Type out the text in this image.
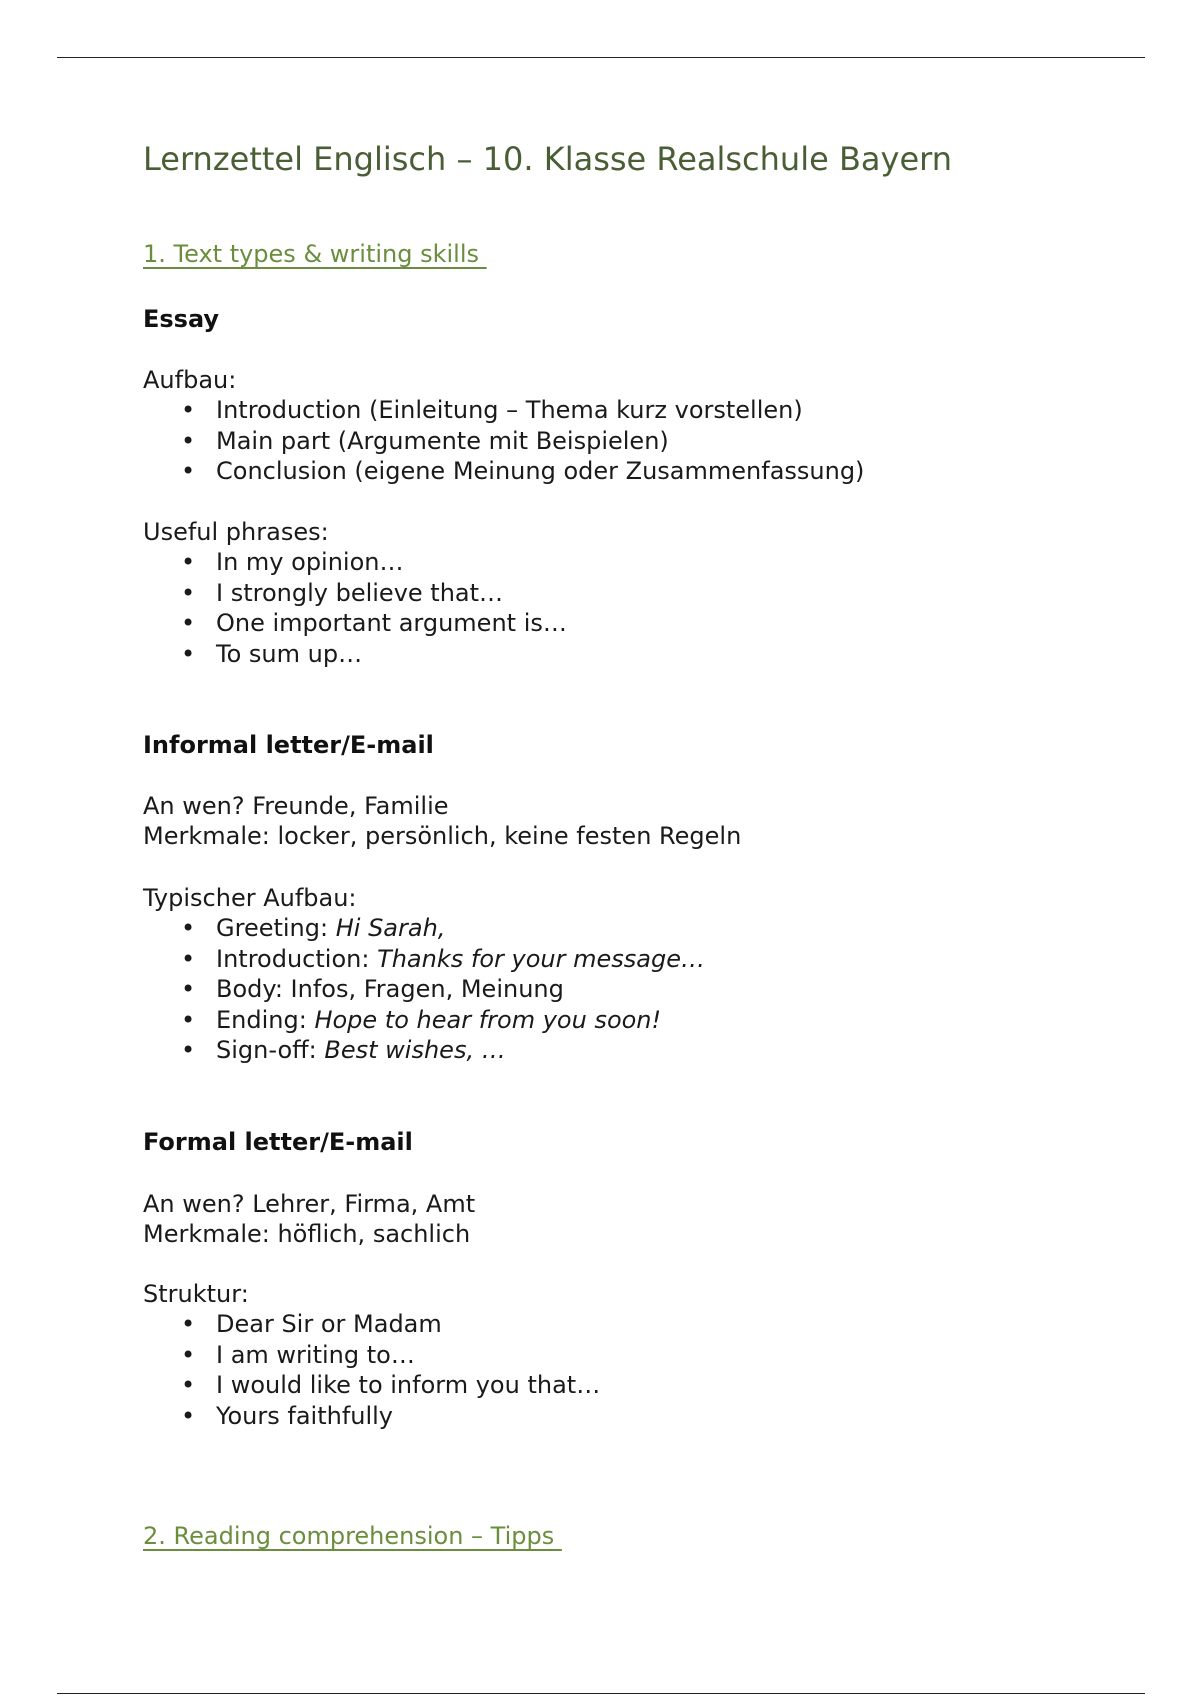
Lernzettel Englisch – 10. Klasse Realschule Bayern
1. Text types & writing skills
Essay
Aufbau:
• Introduction (Einleitung – Thema kurz vorstellen)
• Main part (Argumente mit Beispielen)
• Conclusion (eigene Meinung oder Zusammenfassung)
Useful phrases:
• In my opinion…
• I strongly believe that…
• One important argument is…
• To sum up…
Informal letter/E-mail
An wen? Freunde, Familie
Merkmale: locker, persönlich, keine festen Regeln
Typischer Aufbau:
• Greeting: Hi Sarah,
• Introduction: Thanks for your message…
• Body: Infos, Fragen, Meinung
• Ending: Hope to hear from you soon!
• Sign-off: Best wishes, …
Formal letter/E-mail
An wen? Lehrer, Firma, Amt
Merkmale: höflich, sachlich
Struktur:
• Dear Sir or Madam
• I am writing to…
• I would like to inform you that…
• Yours faithfully
2. Reading comprehension – Tipps
